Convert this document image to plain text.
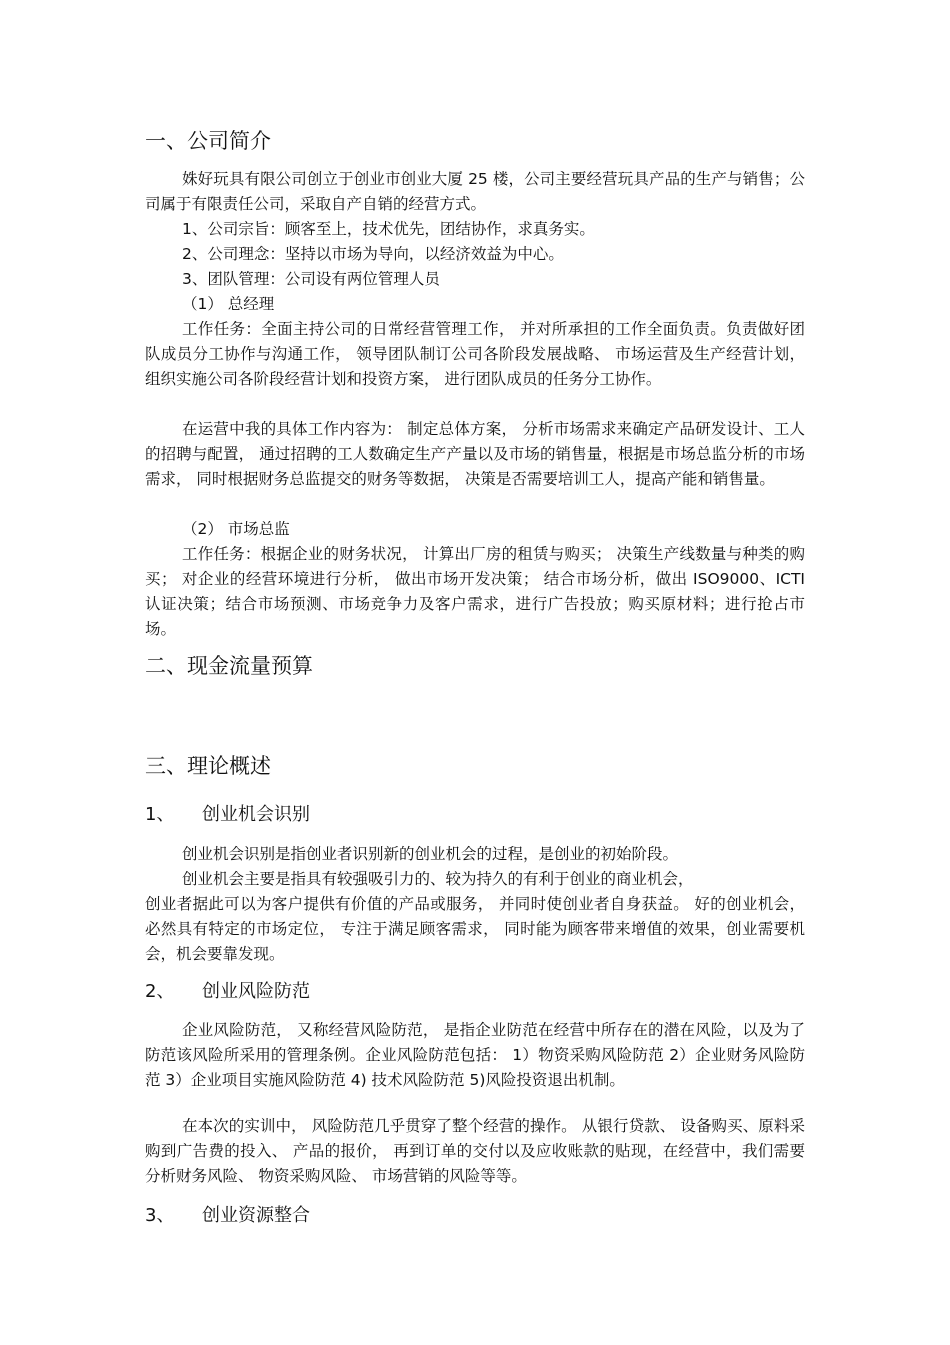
一、公司简介
姝好玩具有限公司创立于创业市创业大厦 25 楼，公司主要经营玩具产品的生产与销售；公司属于有限责任公司，采取自产自销的经营方式。
1、公司宗旨：顾客至上，技术优先，团结协作，求真务实。
2、公司理念：坚持以市场为导向，以经济效益为中心。
3、团队管理：公司设有两位管理人员
（1） 总经理
工作任务：全面主持公司的日常经营管理工作， 并对所承担的工作全面负责。负责做好团队成员分工协作与沟通工作， 领导团队制订公司各阶段发展战略、 市场运营及生产经营计划， 组织实施公司各阶段经营计划和投资方案， 进行团队成员的任务分工协作。
在运营中我的具体工作内容为： 制定总体方案， 分析市场需求来确定产品研发设计、工人的招聘与配置， 通过招聘的工人数确定生产产量以及市场的销售量，根据是市场总监分析的市场需求， 同时根据财务总监提交的财务等数据， 决策是否需要培训工人，提高产能和销售量。
（2） 市场总监
工作任务：根据企业的财务状况， 计算出厂房的租赁与购买； 决策生产线数量与种类的购买； 对企业的经营环境进行分析， 做出市场开发决策； 结合市场分析，做出 ISO9000、ICTI 认证决策；结合市场预测、市场竞争力及客户需求，进行广告投放；购买原材料；进行抢占市场。
二、现金流量预算
三、理论概述
1、 创业机会识别
创业机会识别是指创业者识别新的创业机会的过程，是创业的初始阶段。
创业机会主要是指具有较强吸引力的、较为持久的有利于创业的商业机会，
创业者据此可以为客户提供有价值的产品或服务， 并同时使创业者自身获益。 好的创业机会， 必然具有特定的市场定位， 专注于满足顾客需求， 同时能为顾客带来增值的效果，创业需要机会，机会要靠发现。
2、 创业风险防范
企业风险防范， 又称经营风险防范， 是指企业防范在经营中所存在的潜在风险，以及为了防范该风险所采用的管理条例。企业风险防范包括： 1）物资采购风险防范 2）企业财务风险防范 3）企业项目实施风险防范 4) 技术风险防范 5)风险投资退出机制。
在本次的实训中， 风险防范几乎贯穿了整个经营的操作。 从银行贷款、 设备购买、原料采购到广告费的投入、 产品的报价， 再到订单的交付以及应收账款的贴现，在经营中，我们需要分析财务风险、 物资采购风险、 市场营销的风险等等。
3、 创业资源整合
